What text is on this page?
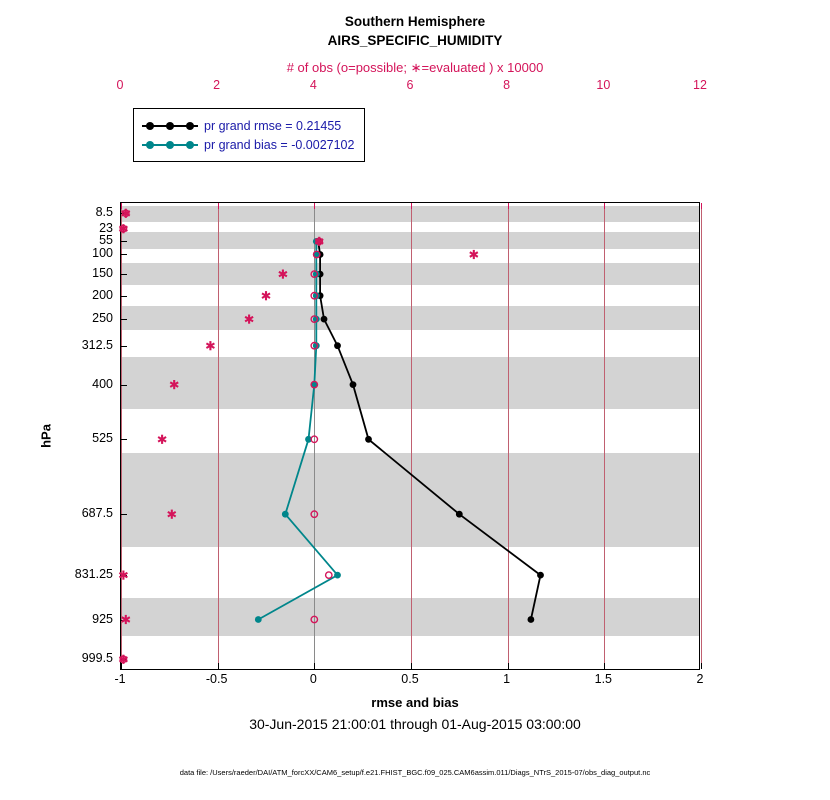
Southern Hemisphere
AIRS_SPECIFIC_HUMIDITY
# of obs (o=possible; ∗=evaluated ) x 10000
hPa
rmse and bias
30-Jun-2015 21:00:01 through 01-Aug-2015 03:00:00
data file: /Users/raeder/DAI/ATM_forcXX/CAM6_setup/f.e21.FHIST_BGC.f09_025.CAM6assim.011/Diags_NTrS_2015-07/obs_diag_output.nc
8.5
23
55
100
150
200
250
312.5
400
525
687.5
831.25
925
999.5
pr grand rmse = 0.21455
pr grand bias = -0.0027102
-1	-0.5	0	0.5	1	1.5	2
0	2	4	6	8	10	12
